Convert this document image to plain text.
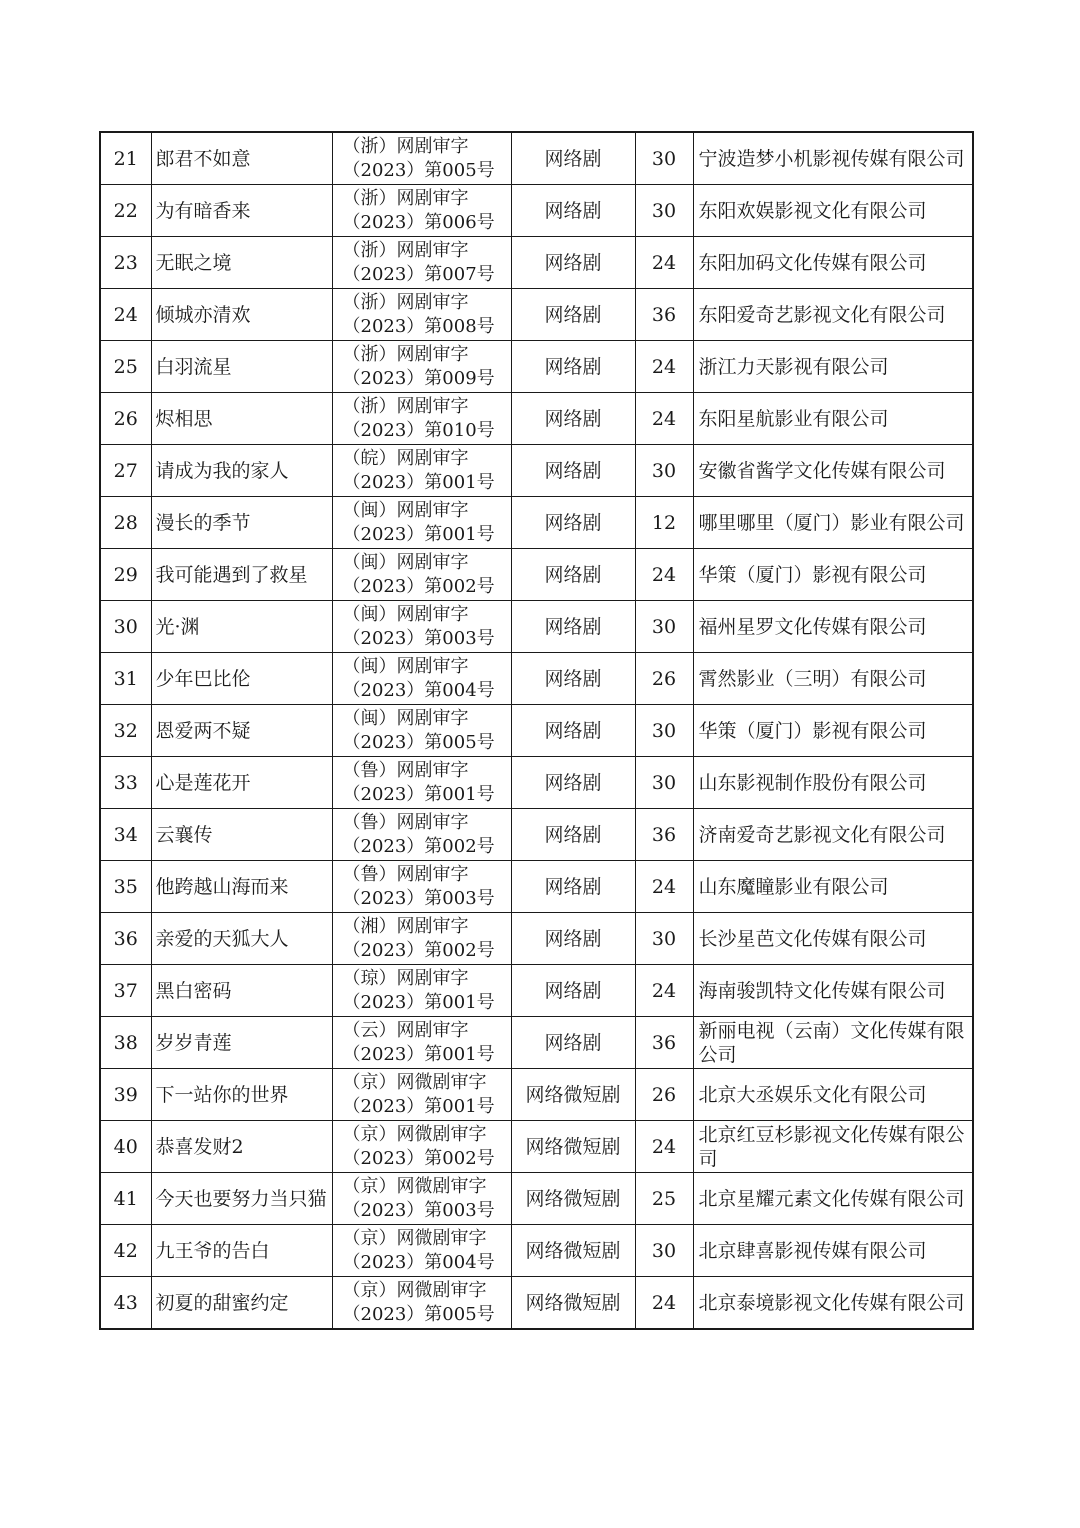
21	郎君不如意	（浙）网剧审字
（2023）第005号	网络剧	30	宁波造梦小机影视传媒有限公司
22	为有暗香来	（浙）网剧审字
（2023）第006号	网络剧	30	东阳欢娱影视文化有限公司
23	无眠之境	（浙）网剧审字
（2023）第007号	网络剧	24	东阳加码文化传媒有限公司
24	倾城亦清欢	（浙）网剧审字
（2023）第008号	网络剧	36	东阳爱奇艺影视文化有限公司
25	白羽流星	（浙）网剧审字
（2023）第009号	网络剧	24	浙江力天影视有限公司
26	烬相思	（浙）网剧审字
（2023）第010号	网络剧	24	东阳星航影业有限公司
27	请成为我的家人	（皖）网剧审字
（2023）第001号	网络剧	30	安徽省酱学文化传媒有限公司
28	漫长的季节	（闽）网剧审字
（2023）第001号	网络剧	12	哪里哪里（厦门）影业有限公司
29	我可能遇到了救星	（闽）网剧审字
（2023）第002号	网络剧	24	华策（厦门）影视有限公司
30	光·渊	（闽）网剧审字
（2023）第003号	网络剧	30	福州星罗文化传媒有限公司
31	少年巴比伦	（闽）网剧审字
（2023）第004号	网络剧	26	霄然影业（三明）有限公司
32	恩爱两不疑	（闽）网剧审字
（2023）第005号	网络剧	30	华策（厦门）影视有限公司
33	心是莲花开	（鲁）网剧审字
（2023）第001号	网络剧	30	山东影视制作股份有限公司
34	云襄传	（鲁）网剧审字
（2023）第002号	网络剧	36	济南爱奇艺影视文化有限公司
35	他跨越山海而来	（鲁）网剧审字
（2023）第003号	网络剧	24	山东魔瞳影业有限公司
36	亲爱的天狐大人	（湘）网剧审字
（2023）第002号	网络剧	30	长沙星芭文化传媒有限公司
37	黑白密码	（琼）网剧审字
（2023）第001号	网络剧	24	海南骏凯特文化传媒有限公司
38	岁岁青莲	（云）网剧审字
（2023）第001号	网络剧	36	新丽电视（云南）文化传媒有限公司
39	下一站你的世界	（京）网微剧审字
（2023）第001号	网络微短剧	26	北京大丞娱乐文化有限公司
40	恭喜发财2	（京）网微剧审字
（2023）第002号	网络微短剧	24	北京红豆杉影视文化传媒有限公司
41	今天也要努力当只猫	（京）网微剧审字
（2023）第003号	网络微短剧	25	北京星耀元素文化传媒有限公司
42	九王爷的告白	（京）网微剧审字
（2023）第004号	网络微短剧	30	北京肆喜影视传媒有限公司
43	初夏的甜蜜约定	（京）网微剧审字
（2023）第005号	网络微短剧	24	北京泰境影视文化传媒有限公司
